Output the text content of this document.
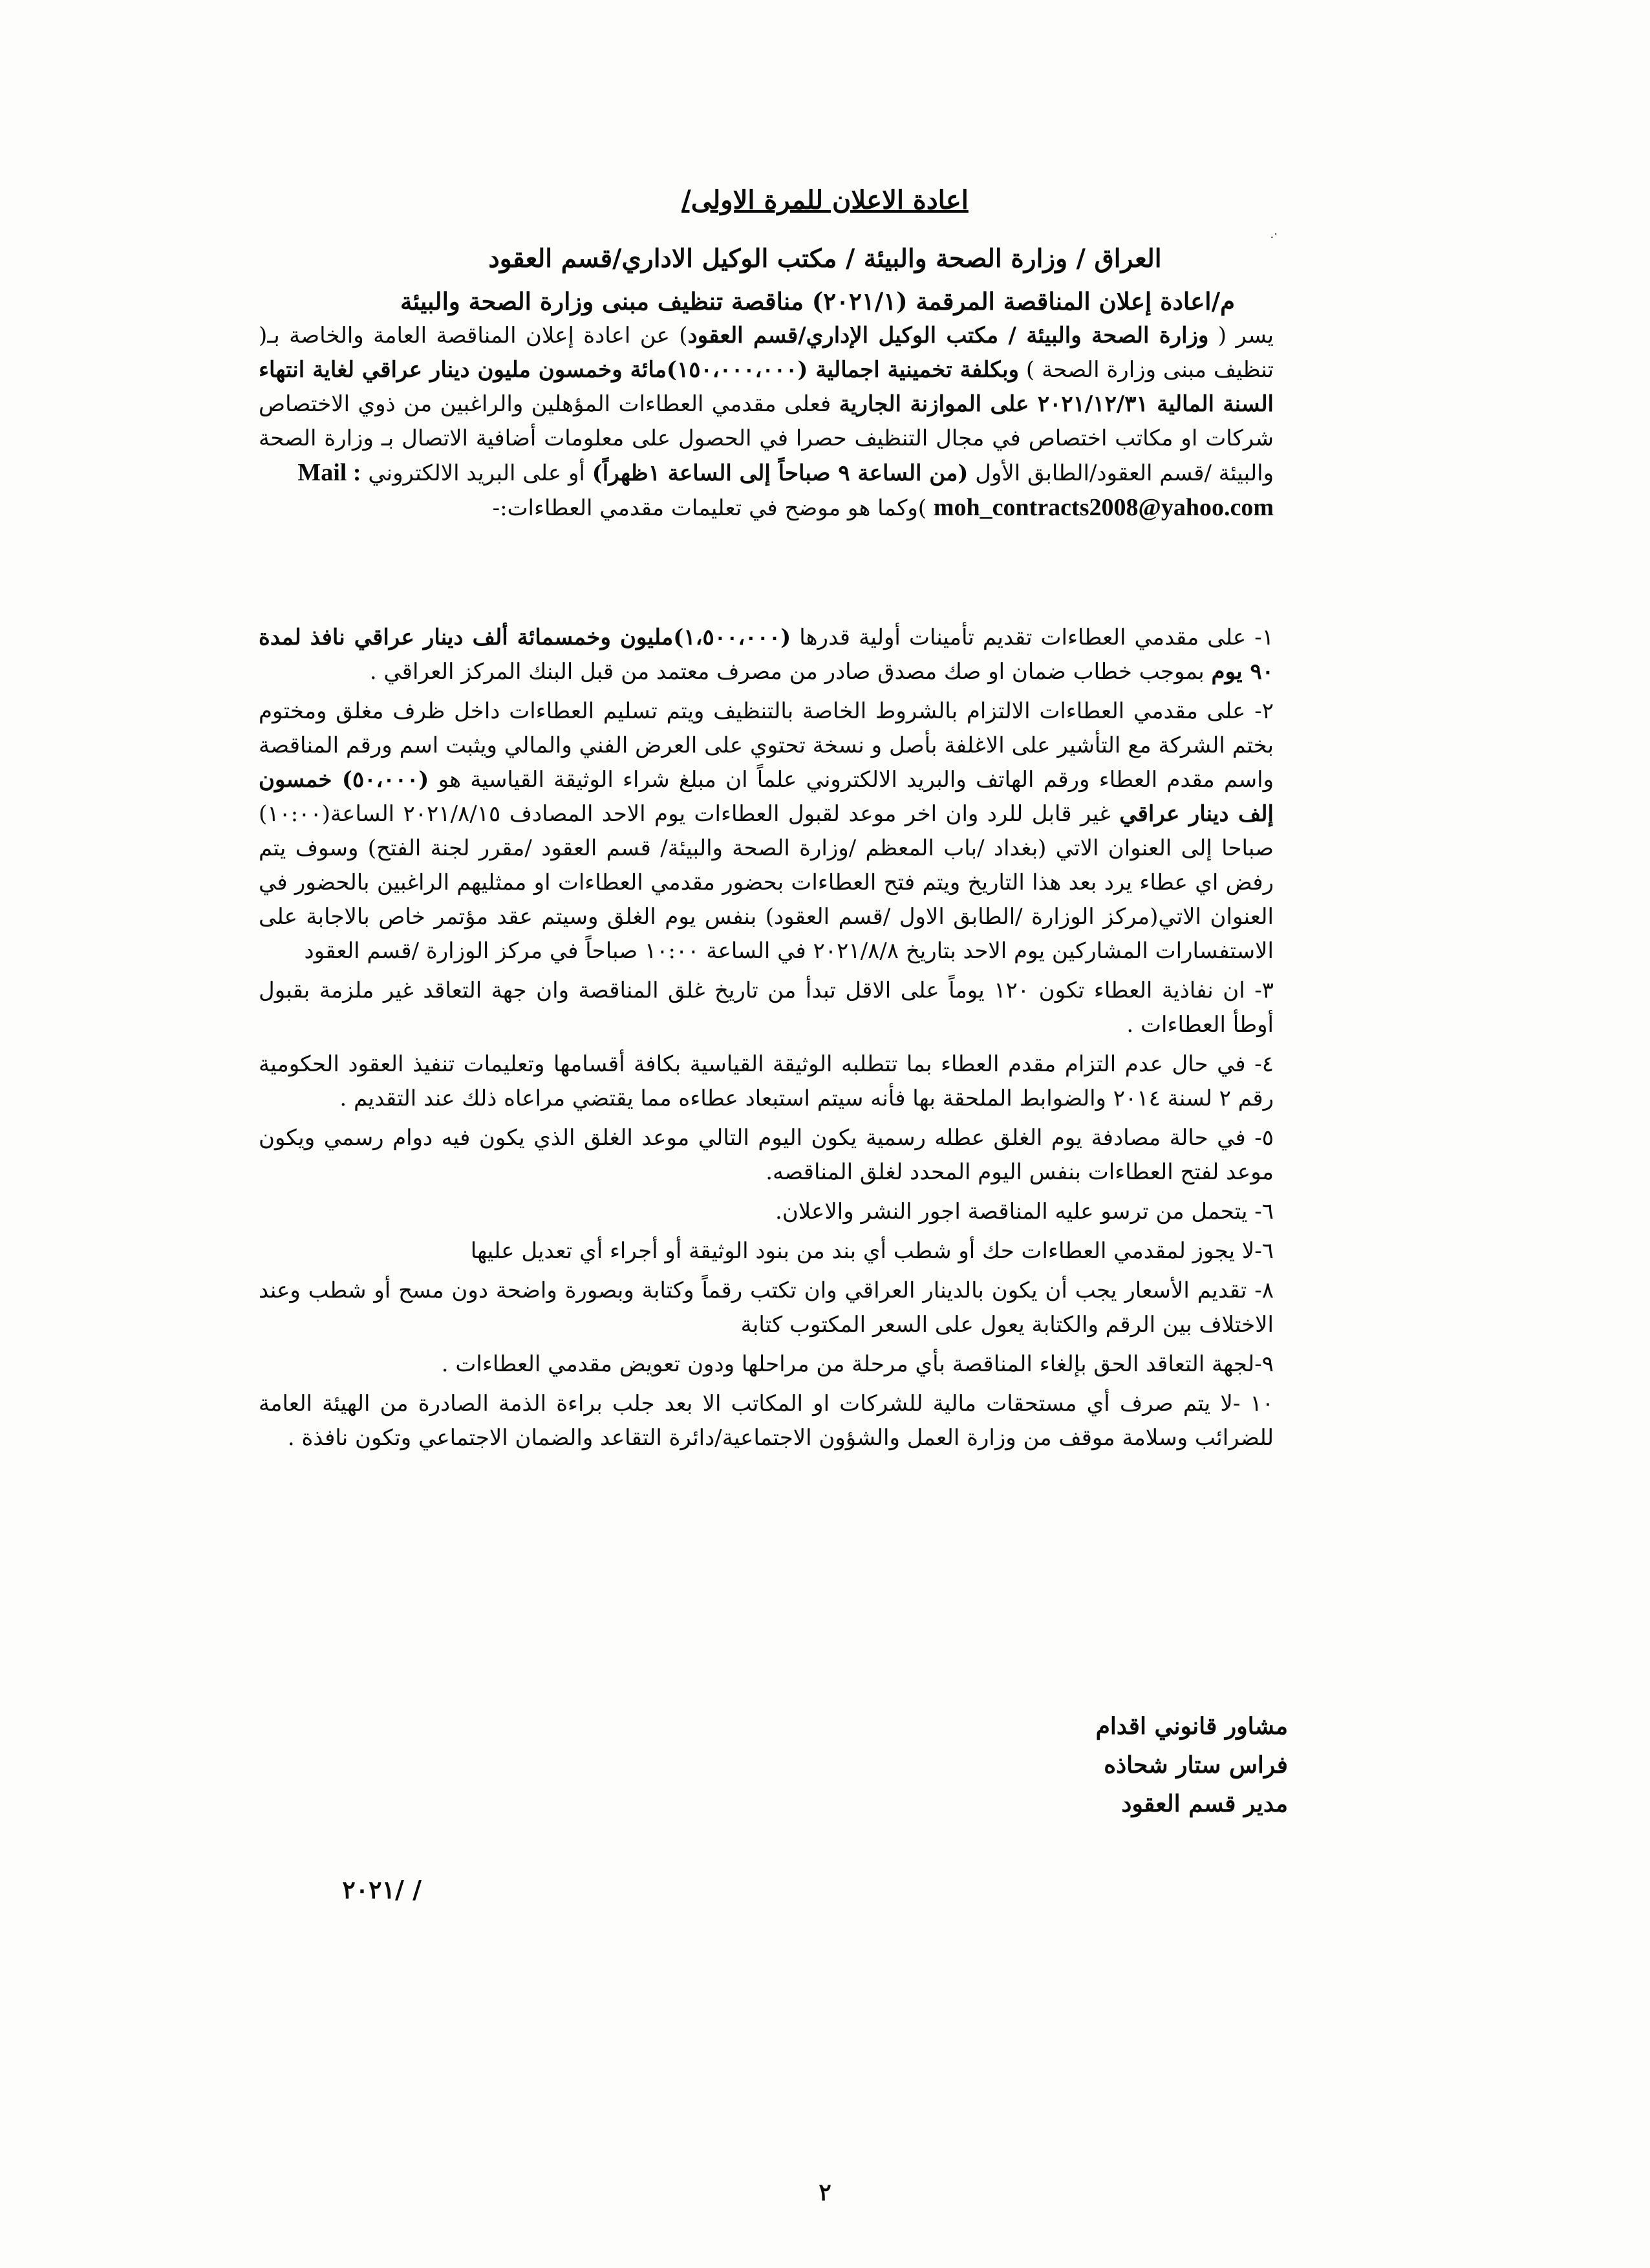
·.
اعادة الاعلان للمرة الاولى/
العراق / وزارة الصحة والبيئة / مكتب الوكيل الاداري/قسم العقود
م/اعادة إعلان المناقصة المرقمة (٢٠٢١/١) مناقصة تنظيف مبنى وزارة الصحة والبيئة
يسر ( وزارة الصحة والبيئة / مكتب الوكيل الإداري/قسم العقود) عن اعادة إعلان المناقصة العامة والخاصة بـ( تنظيف مبنى وزارة الصحة ) وبكلفة تخمينية اجمالية (١٥٠،٠٠٠،٠٠٠)مائة وخمسون مليون دينار عراقي لغاية انتهاء السنة المالية ٢٠٢١/١٢/٣١ على الموازنة الجارية فعلى مقدمي العطاءات المؤهلين والراغبين من ذوي الاختصاص شركات او مكاتب اختصاص في مجال التنظيف حصرا في الحصول على معلومات أضافية الاتصال بـ وزارة الصحة والبيئة /قسم العقود/الطابق الأول (من الساعة ٩ صباحاً إلى الساعة ١ظهراً) أو على البريد الالكتروني Mail :
moh_contracts2008@yahoo.com )وكما هو موضح في تعليمات مقدمي العطاءات:-
١- على مقدمي العطاءات تقديم تأمينات أولية قدرها (١،٥٠٠،٠٠٠)مليون وخمسمائة ألف دينار عراقي نافذ لمدة ٩٠ يوم بموجب خطاب ضمان او صك مصدق صادر من مصرف معتمد من قبل البنك المركز العراقي .
٢- على مقدمي العطاءات الالتزام بالشروط الخاصة بالتنظيف ويتم تسليم العطاءات داخل ظرف مغلق ومختوم بختم الشركة مع التأشير على الاغلفة بأصل و نسخة تحتوي على العرض الفني والمالي ويثبت اسم ورقم المناقصة واسم مقدم العطاء ورقم الهاتف والبريد الالكتروني علماً ان مبلغ شراء الوثيقة القياسية هو (٥٠،٠٠٠) خمسون إلف دينار عراقي غير قابل للرد وان اخر موعد لقبول العطاءات يوم الاحد المصادف ٢٠٢١/٨/١٥ الساعة(١٠:٠٠) صباحا إلى العنوان الاتي (بغداد /باب المعظم /وزارة الصحة والبيئة/ قسم العقود /مقرر لجنة الفتح) وسوف يتم رفض اي عطاء يرد بعد هذا التاريخ ويتم فتح العطاءات بحضور مقدمي العطاءات او ممثليهم الراغبين بالحضور في العنوان الاتي(مركز الوزارة /الطابق الاول /قسم العقود) بنفس يوم الغلق وسيتم عقد مؤتمر خاص بالاجابة على الاستفسارات المشاركين يوم الاحد بتاريخ ٢٠٢١/٨/٨ في الساعة ١٠:٠٠ صباحاً في مركز الوزارة /قسم العقود
٣- ان نفاذية العطاء تكون ١٢٠ يوماً على الاقل تبدأ من تاريخ غلق المناقصة وان جهة التعاقد غير ملزمة بقبول أوطأ العطاءات .
٤- في حال عدم التزام مقدم العطاء بما تتطلبه الوثيقة القياسية بكافة أقسامها وتعليمات تنفيذ العقود الحكومية رقم ٢ لسنة ٢٠١٤ والضوابط الملحقة بها فأنه سيتم استبعاد عطاءه مما يقتضي مراعاه ذلك عند التقديم .
٥- في حالة مصادفة يوم الغلق عطله رسمية يكون اليوم التالي موعد الغلق الذي يكون فيه دوام رسمي ويكون موعد لفتح العطاءات بنفس اليوم المحدد لغلق المناقصه.
٦- يتحمل من ترسو عليه المناقصة اجور النشر والاعلان.
٦-لا يجوز لمقدمي العطاءات حك أو شطب أي بند من بنود الوثيقة أو أجراء أي تعديل عليها
٨- تقديم الأسعار يجب أن يكون بالدينار العراقي وان تكتب رقماً وكتابة وبصورة واضحة دون مسح أو شطب وعند الاختلاف بين الرقم والكتابة يعول على السعر المكتوب كتابة
٩-لجهة التعاقد الحق بإلغاء المناقصة بأي مرحلة من مراحلها ودون تعويض مقدمي العطاءات .
١٠ -لا يتم صرف أي مستحقات مالية للشركات او المكاتب الا بعد جلب براءة الذمة الصادرة من الهيئة العامة للضرائب وسلامة موقف من وزارة العمل والشؤون الاجتماعية/دائرة التقاعد والضمان الاجتماعي وتكون نافذة .
مشاور قانوني اقدام
فراس ستار شحاذه
مدير قسم العقود
/ /٢٠٢١
٢
